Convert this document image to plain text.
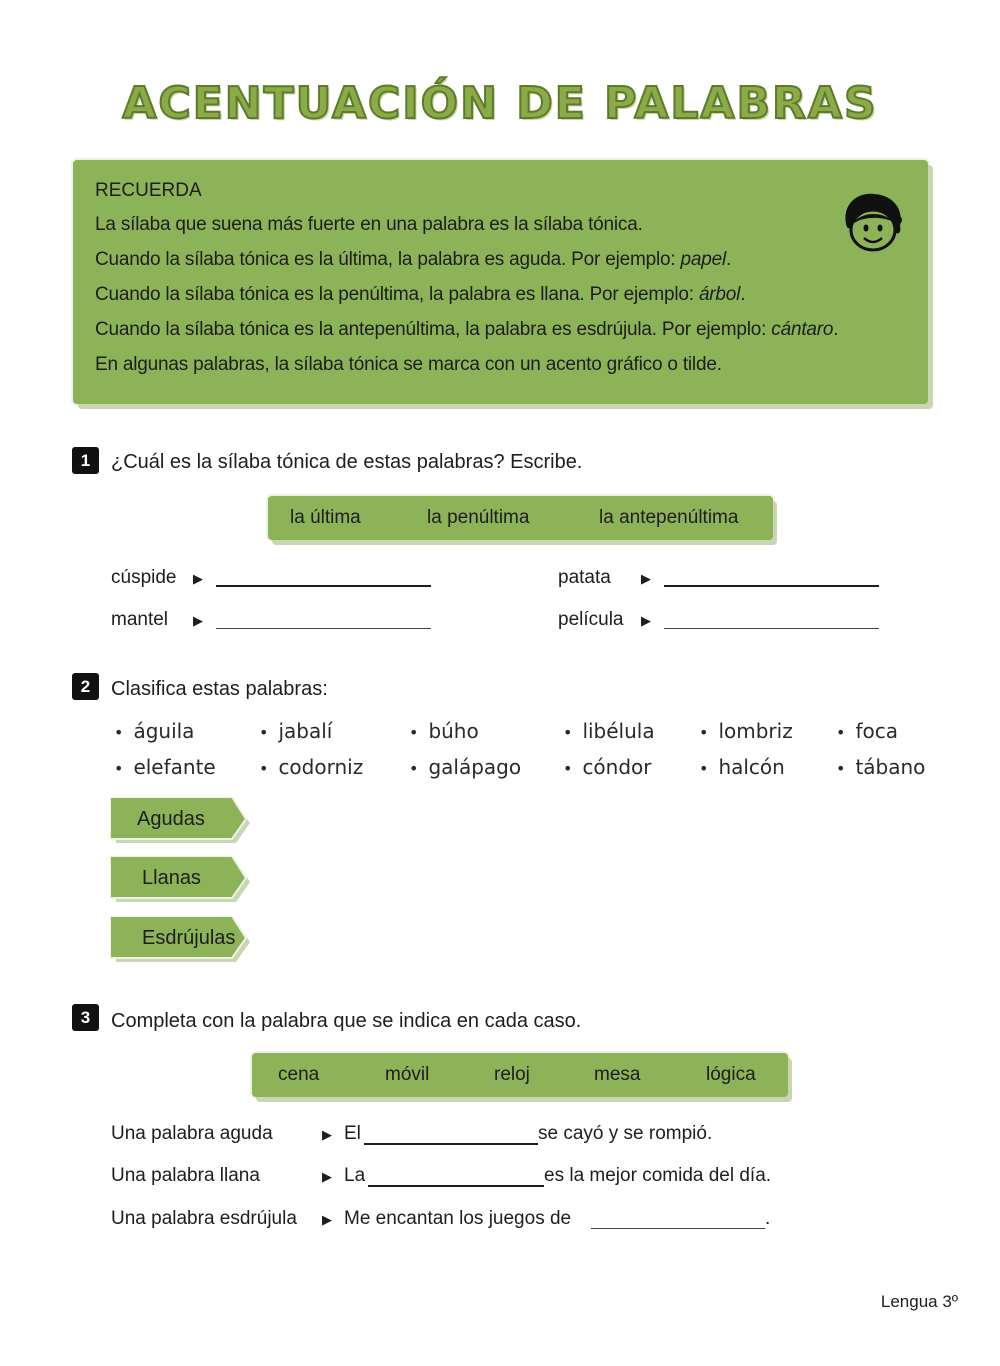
ACENTUACIÓN DE PALABRAS
RECUERDA
La sílaba que suena más fuerte en una palabra es la sílaba tónica.
Cuando la sílaba tónica es la última, la palabra es aguda. Por ejemplo: papel.
Cuando la sílaba tónica es la penúltima, la palabra es llana. Por ejemplo: árbol.
Cuando la sílaba tónica es la antepenúltima, la palabra es esdrújula. Por ejemplo: cántaro.
En algunas palabras, la sílaba tónica se marca con un acento gráfico o tilde.
1	¿Cuál es la sílaba tónica de estas palabras? Escribe.
la última	la penúltima	la antepenúltima
cúspide ▶	patata ▶
mantel ▶	película ▶
2	Clasifica estas palabras:
• águila	• jabalí	• búho	• libélula	• lombriz	• foca
• elefante	• codorniz	• galápago	• cóndor	• halcón	• tábano
Agudas
Llanas
Esdrújulas
3	Completa con la palabra que se indica en cada caso.
cena	móvil	reloj	mesa	lógica
Una palabra aguda	▶ El	se cayó y se rompió.
Una palabra llana	▶ La	es la mejor comida del día.
Una palabra esdrújula ▶ Me encantan los juegos de	.
Lengua 3º
